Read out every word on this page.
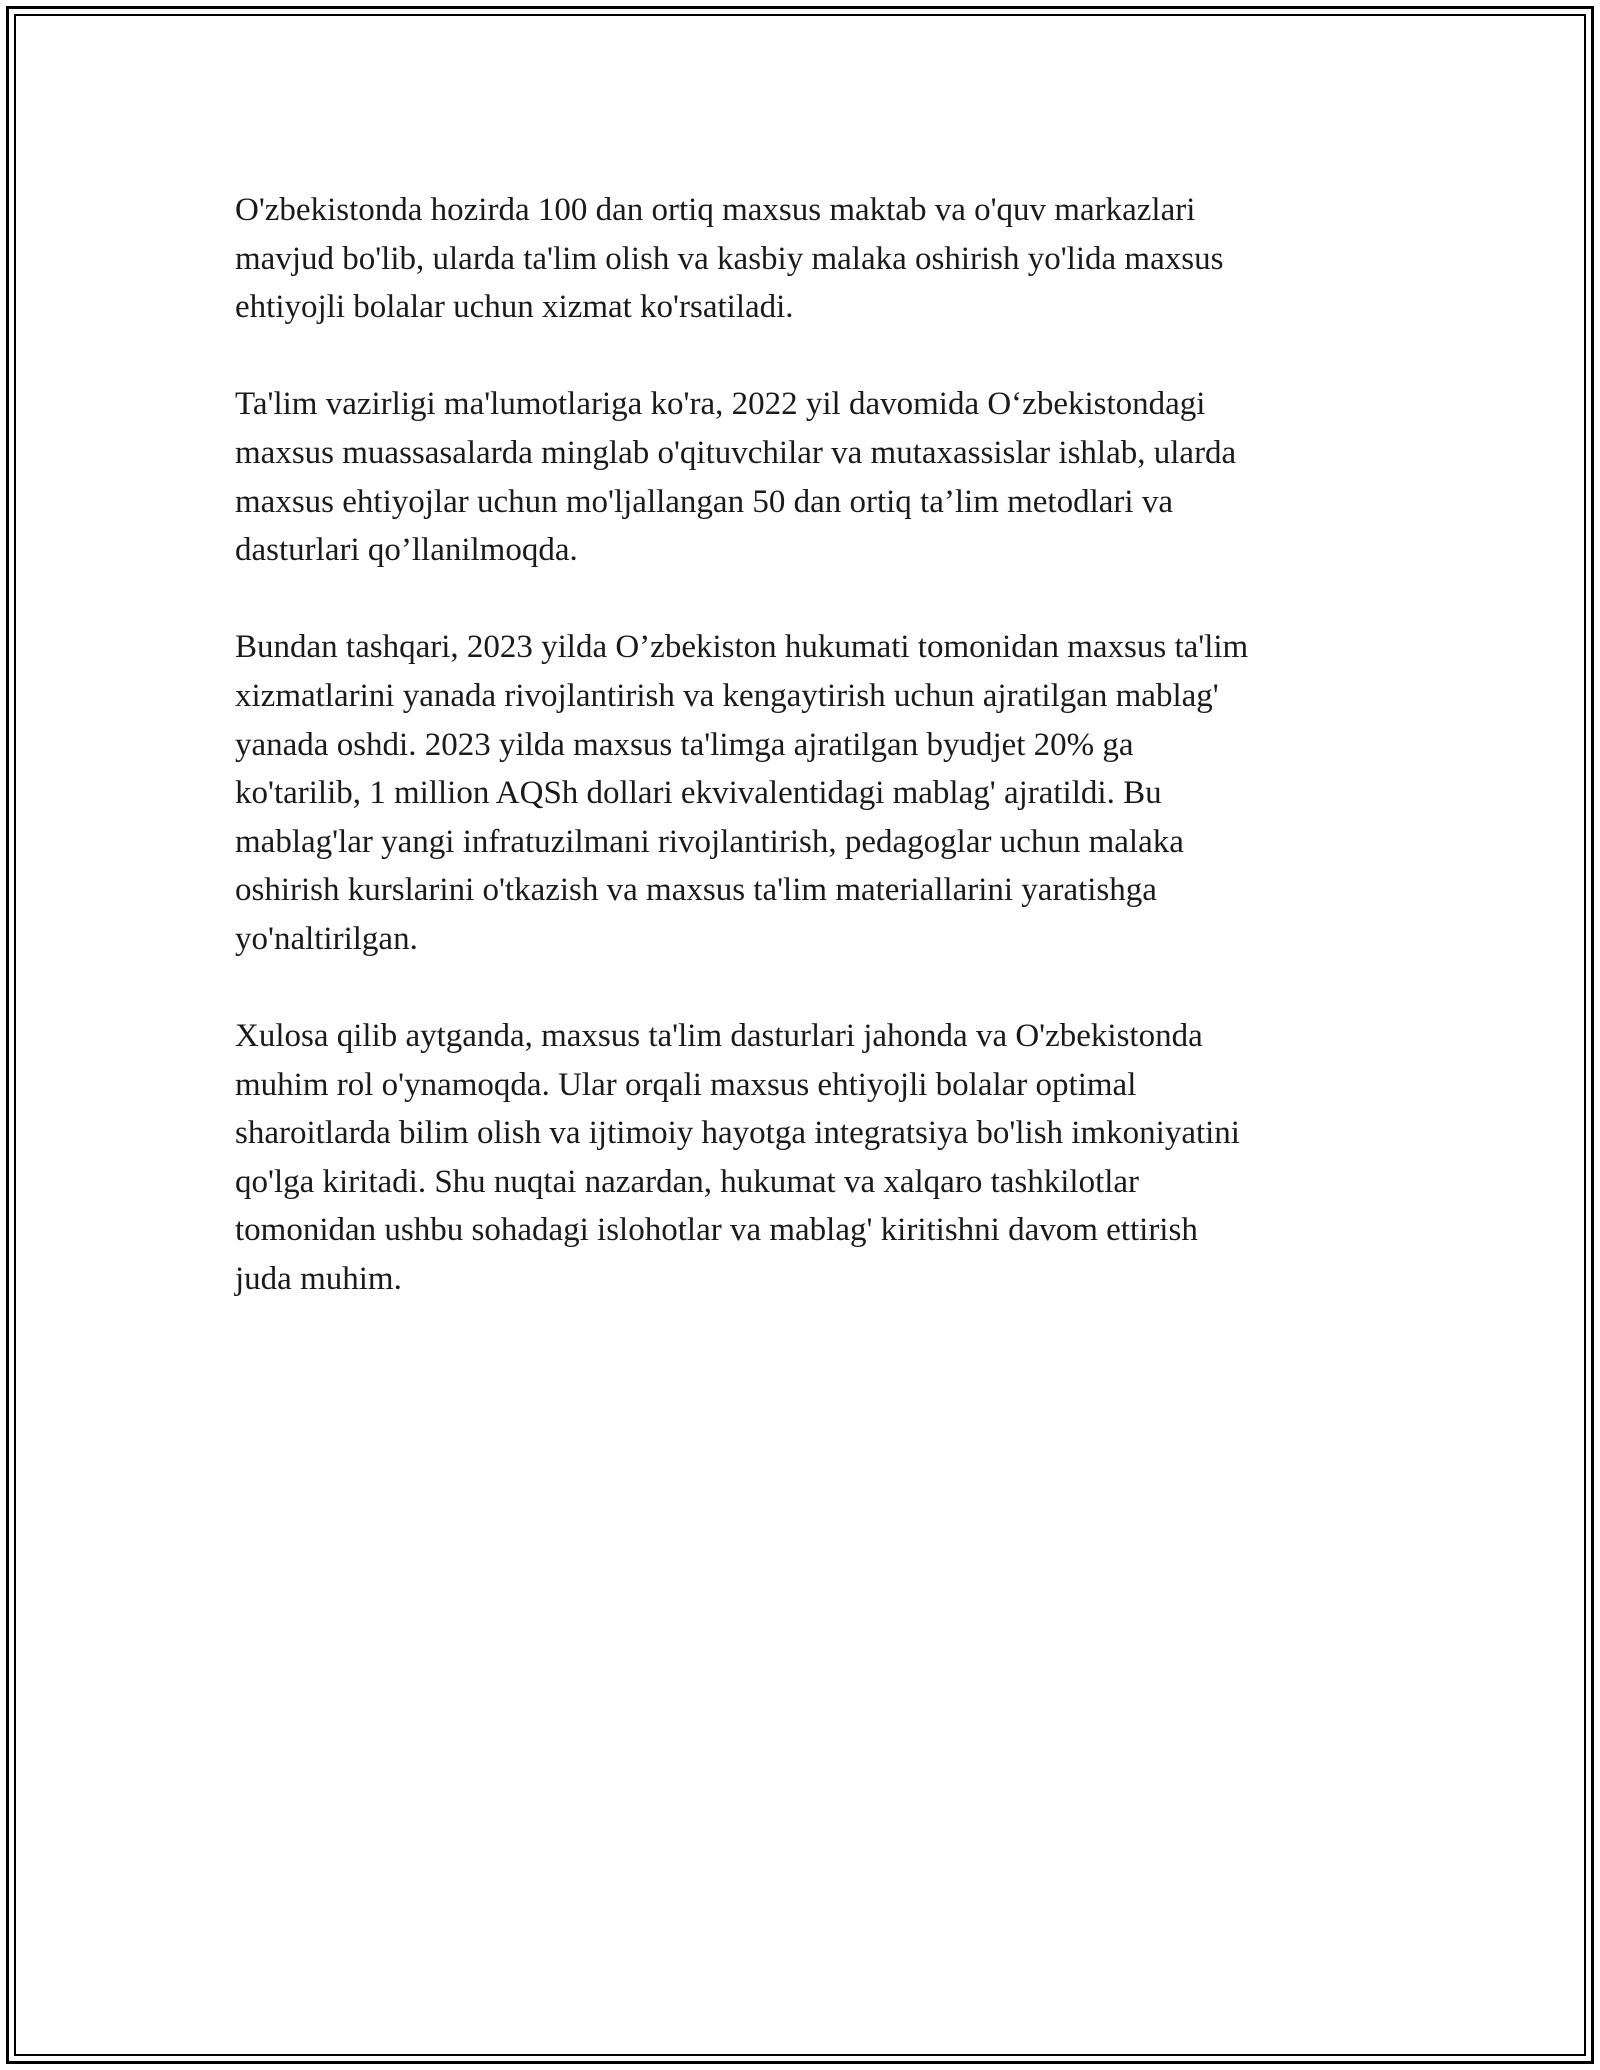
O'zbekistonda hozirda 100 dan ortiq maxsus maktab va o'quv markazlari
mavjud bo'lib, ularda ta'lim olish va kasbiy malaka oshirish yo'lida maxsus
ehtiyojli bolalar uchun xizmat ko'rsatiladi.

Ta'lim vazirligi ma'lumotlariga ko'ra, 2022 yil davomida O‘zbekistondagi
maxsus muassasalarda minglab o'qituvchilar va mutaxassislar ishlab, ularda
maxsus ehtiyojlar uchun mo'ljallangan 50 dan ortiq ta’lim metodlari va
dasturlari qo’llanilmoqda.

Bundan tashqari, 2023 yilda O’zbekiston hukumati tomonidan maxsus ta'lim
xizmatlarini yanada rivojlantirish va kengaytirish uchun ajratilgan mablag'
yanada oshdi. 2023 yilda maxsus ta'limga ajratilgan byudjet 20% ga
ko'tarilib, 1 million AQSh dollari ekvivalentidagi mablag' ajratildi. Bu
mablag'lar yangi infratuzilmani rivojlantirish, pedagoglar uchun malaka
oshirish kurslarini o'tkazish va maxsus ta'lim materiallarini yaratishga
yo'naltirilgan.

Xulosa qilib aytganda, maxsus ta'lim dasturlari jahonda va O'zbekistonda
muhim rol o'ynamoqda. Ular orqali maxsus ehtiyojli bolalar optimal
sharoitlarda bilim olish va ijtimoiy hayotga integratsiya bo'lish imkoniyatini
qo'lga kiritadi. Shu nuqtai nazardan, hukumat va xalqaro tashkilotlar
tomonidan ushbu sohadagi islohotlar va mablag' kiritishni davom ettirish
juda muhim.
